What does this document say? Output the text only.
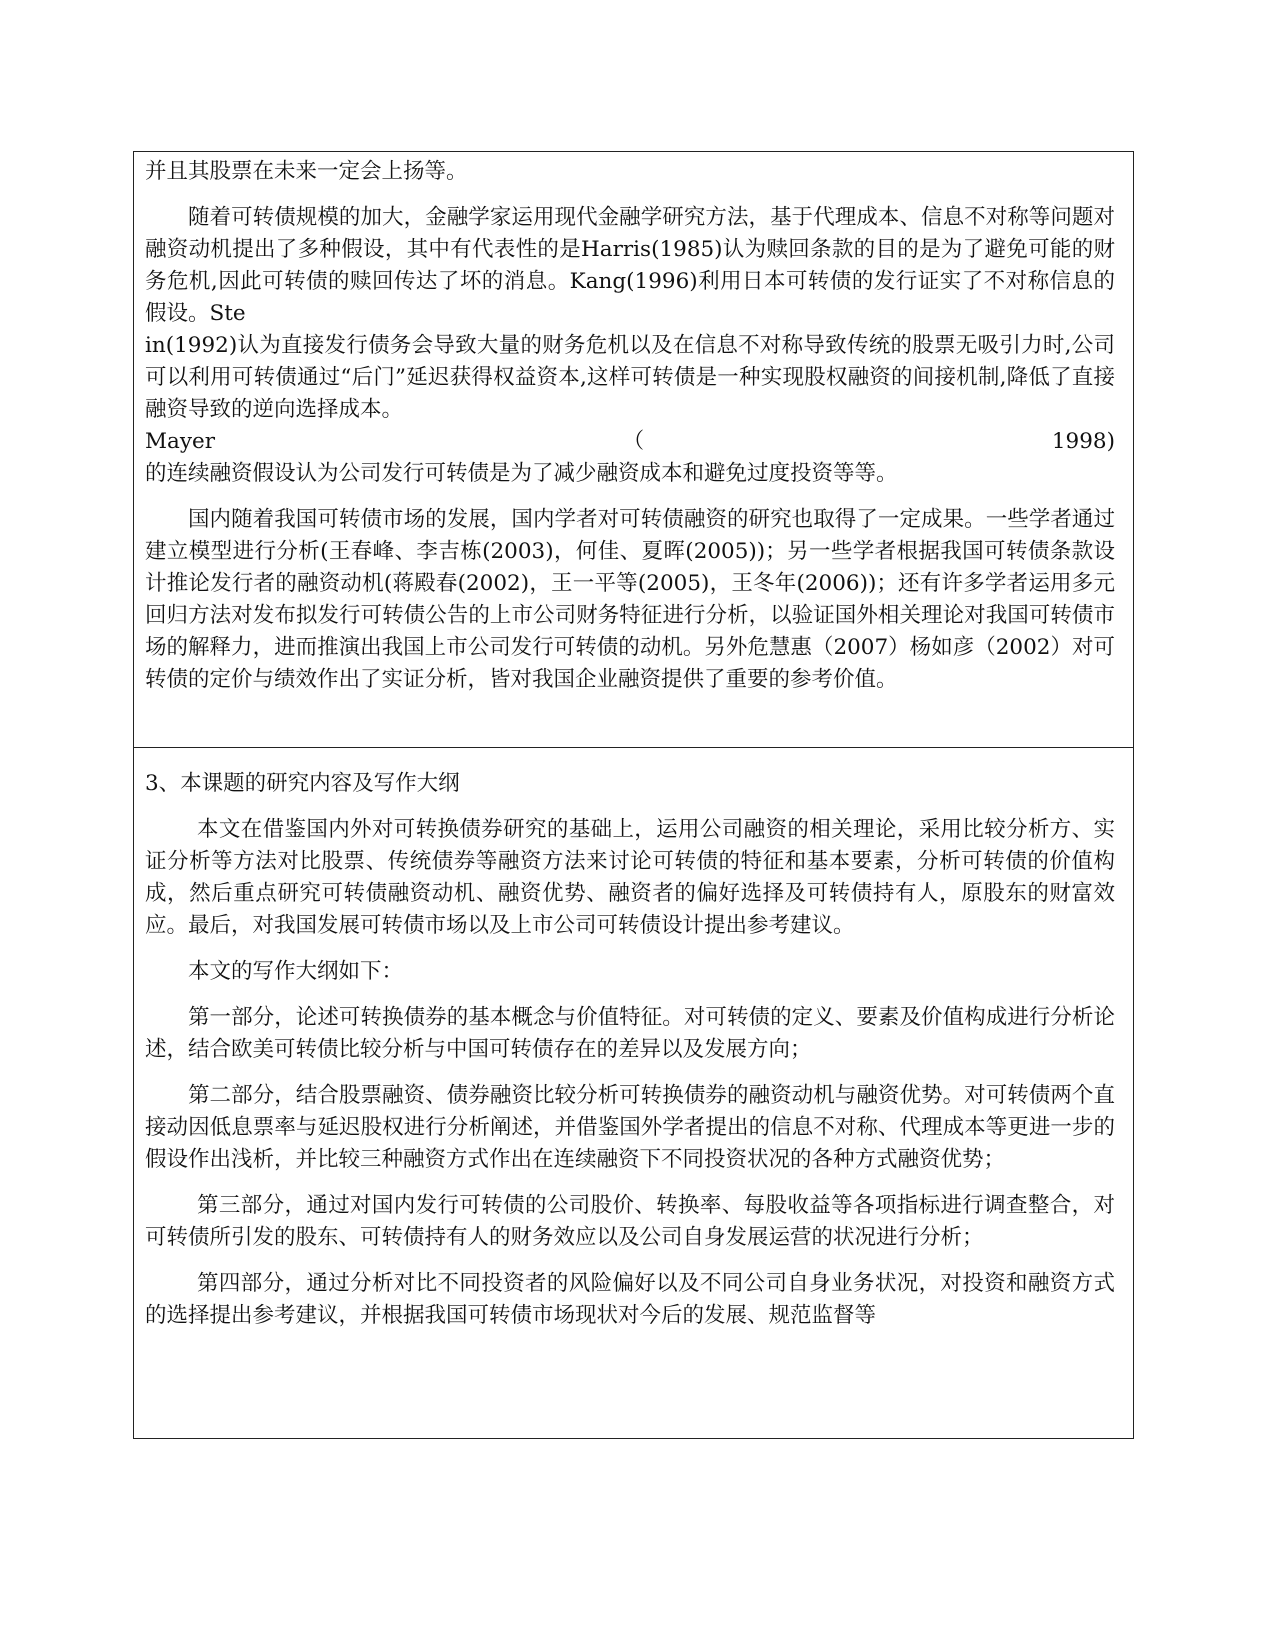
并且其股票在未来一定会上扬等。

随着可转债规模的加大，金融学家运用现代金融学研究方法，基于代理成本、信息不对称等问题对融资动机提出了多种假设，其中有代表性的是Harris(1985)认为赎回条款的目的是为了避免可能的财务危机,因此可转债的赎回传达了坏的消息。Kang(1996)利用日本可转债的发行证实了不对称信息的假设。Ste

in(1992)认为直接发行债务会导致大量的财务危机以及在信息不对称导致传统的股票无吸引力时,公司可以利用可转债通过“后门”延迟获得权益资本,这样可转债是一种实现股权融资的间接机制,降低了直接融资导致的逆向选择成本。

Mayer	（	1998)

的连续融资假设认为公司发行可转债是为了减少融资成本和避免过度投资等等。

国内随着我国可转债市场的发展，国内学者对可转债融资的研究也取得了一定成果。一些学者通过建立模型进行分析(王春峰、李吉栋(2003)，何佳、夏晖(2005))；另一些学者根据我国可转债条款设计推论发行者的融资动机(蒋殿春(2002)，王一平等(2005)，王冬年(2006))；还有许多学者运用多元回归方法对发布拟发行可转债公告的上市公司财务特征进行分析，以验证国外相关理论对我国可转债市场的解释力，进而推演出我国上市公司发行可转债的动机。另外危慧惠（2007）杨如彦（2002）对可转债的定价与绩效作出了实证分析，皆对我国企业融资提供了重要的参考价值。

3、本课题的研究内容及写作大纲

本文在借鉴国内外对可转换债券研究的基础上，运用公司融资的相关理论，采用比较分析方、实证分析等方法对比股票、传统债券等融资方法来讨论可转债的特征和基本要素，分析可转债的价值构成，然后重点研究可转债融资动机、融资优势、融资者的偏好选择及可转债持有人，原股东的财富效应。最后，对我国发展可转债市场以及上市公司可转债设计提出参考建议。

本文的写作大纲如下：

第一部分，论述可转换债券的基本概念与价值特征。对可转债的定义、要素及价值构成进行分析论述，结合欧美可转债比较分析与中国可转债存在的差异以及发展方向；

第二部分，结合股票融资、债券融资比较分析可转换债券的融资动机与融资优势。对可转债两个直接动因低息票率与延迟股权进行分析阐述，并借鉴国外学者提出的信息不对称、代理成本等更进一步的假设作出浅析，并比较三种融资方式作出在连续融资下不同投资状况的各种方式融资优势；

第三部分，通过对国内发行可转债的公司股价、转换率、每股收益等各项指标进行调查整合，对可转债所引发的股东、可转债持有人的财务效应以及公司自身发展运营的状况进行分析；

第四部分，通过分析对比不同投资者的风险偏好以及不同公司自身业务状况，对投资和融资方式的选择提出参考建议，并根据我国可转债市场现状对今后的发展、规范监督等
